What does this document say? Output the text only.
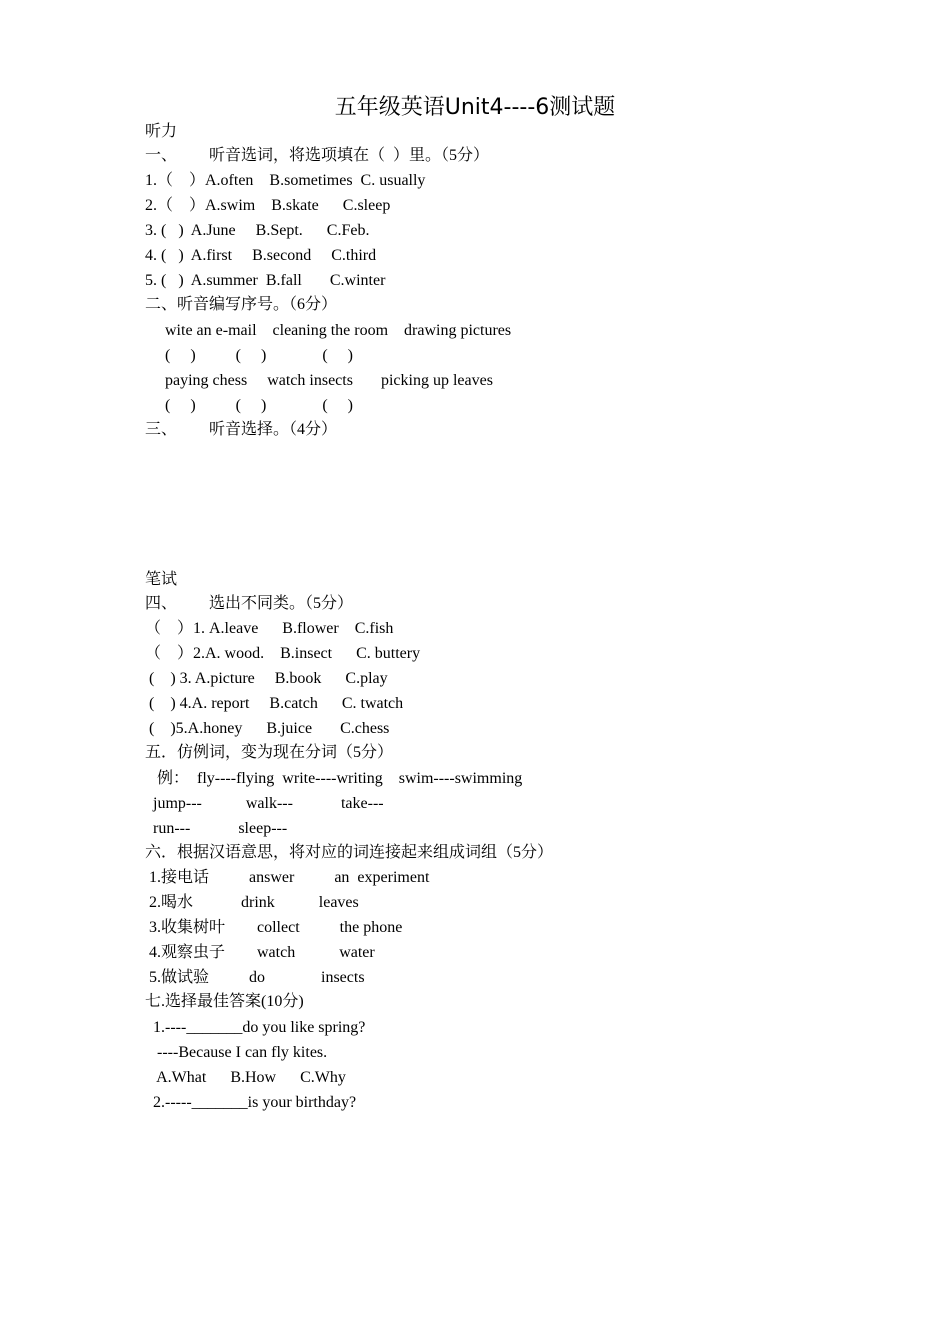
五年级英语Unit4----6测试题
听力
一、        听音选词，将选项填在（  ）里。（5分）
1.（    ）A.often    B.sometimes  C. usually
2.（    ）A.swim    B.skate      C.sleep
3. (   )  A.June     B.Sept.      C.Feb.
4. (   )  A.first     B.second     C.third
5. (   )  A.summer  B.fall       C.winter
二、听音编写序号。（6分）
wite an e-mail    cleaning the room    drawing pictures
(     )          (     )              (     )
paying chess     watch insects       picking up leaves
(     )          (     )              (     )
三、        听音选择。（4分）
笔试
四、        选出不同类。（5分）
（    ）1. A.leave      B.flower    C.fish
（    ）2.A. wood.    B.insect      C. buttery
(    ) 3. A.picture     B.book      C.play
(    ) 4.A. report     B.catch      C. twatch
(    )5.A.honey      B.juice       C.chess
五．仿例词，变为现在分词（5分）
例：  fly----flying  write----writing    swim----swimming
jump---           walk---            take---
run---            sleep---
六．根据汉语意思，将对应的词连接起来组成词组（5分）
1.接电话          answer          an  experiment
2.喝水            drink           leaves
3.收集树叶        collect          the phone
4.观察虫子        watch           water
5.做试验          do              insects
七.选择最佳答案(10分)
1.----_______do you like spring?
----Because I can fly kites.
A.What      B.How      C.Why
2.-----_______is your birthday?
